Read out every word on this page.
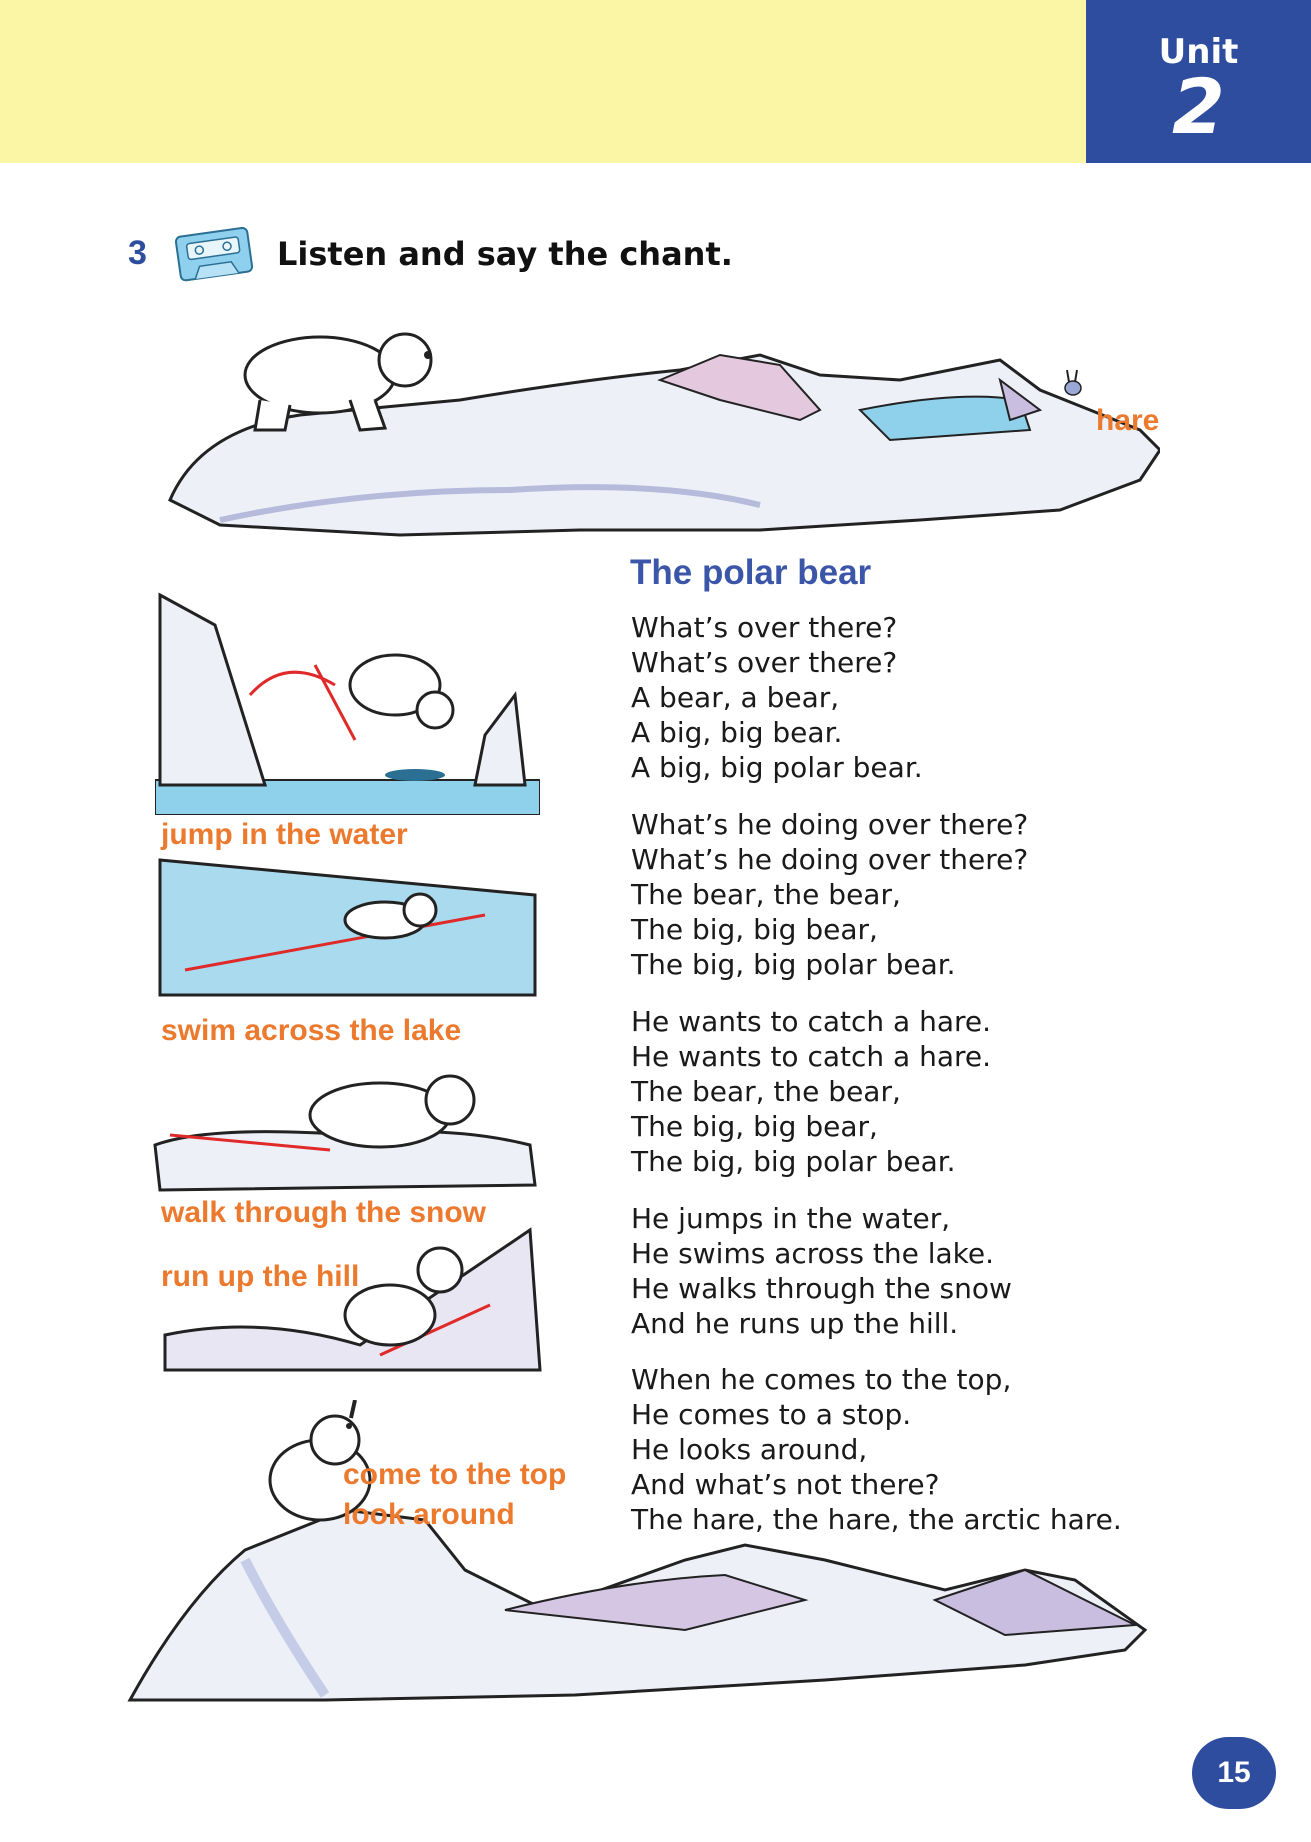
Unit
2
3	Listen and say the chant.
hare
jump in the water
swim across the lake
walk through the snow
run up the hill
come to the top
look around
The polar bear
What’s over there?
What’s over there?
A bear, a bear,
A big, big bear.
A big, big polar bear.
What’s he doing over there?
What’s he doing over there?
The bear, the bear,
The big, big bear,
The big, big polar bear.
He wants to catch a hare.
He wants to catch a hare.
The bear, the bear,
The big, big bear,
The big, big polar bear.
He jumps in the water,
He swims across the lake.
He walks through the snow
And he runs up the hill.
When he comes to the top,
He comes to a stop.
He looks around,
And what’s not there?
The hare, the hare, the arctic hare.
15
